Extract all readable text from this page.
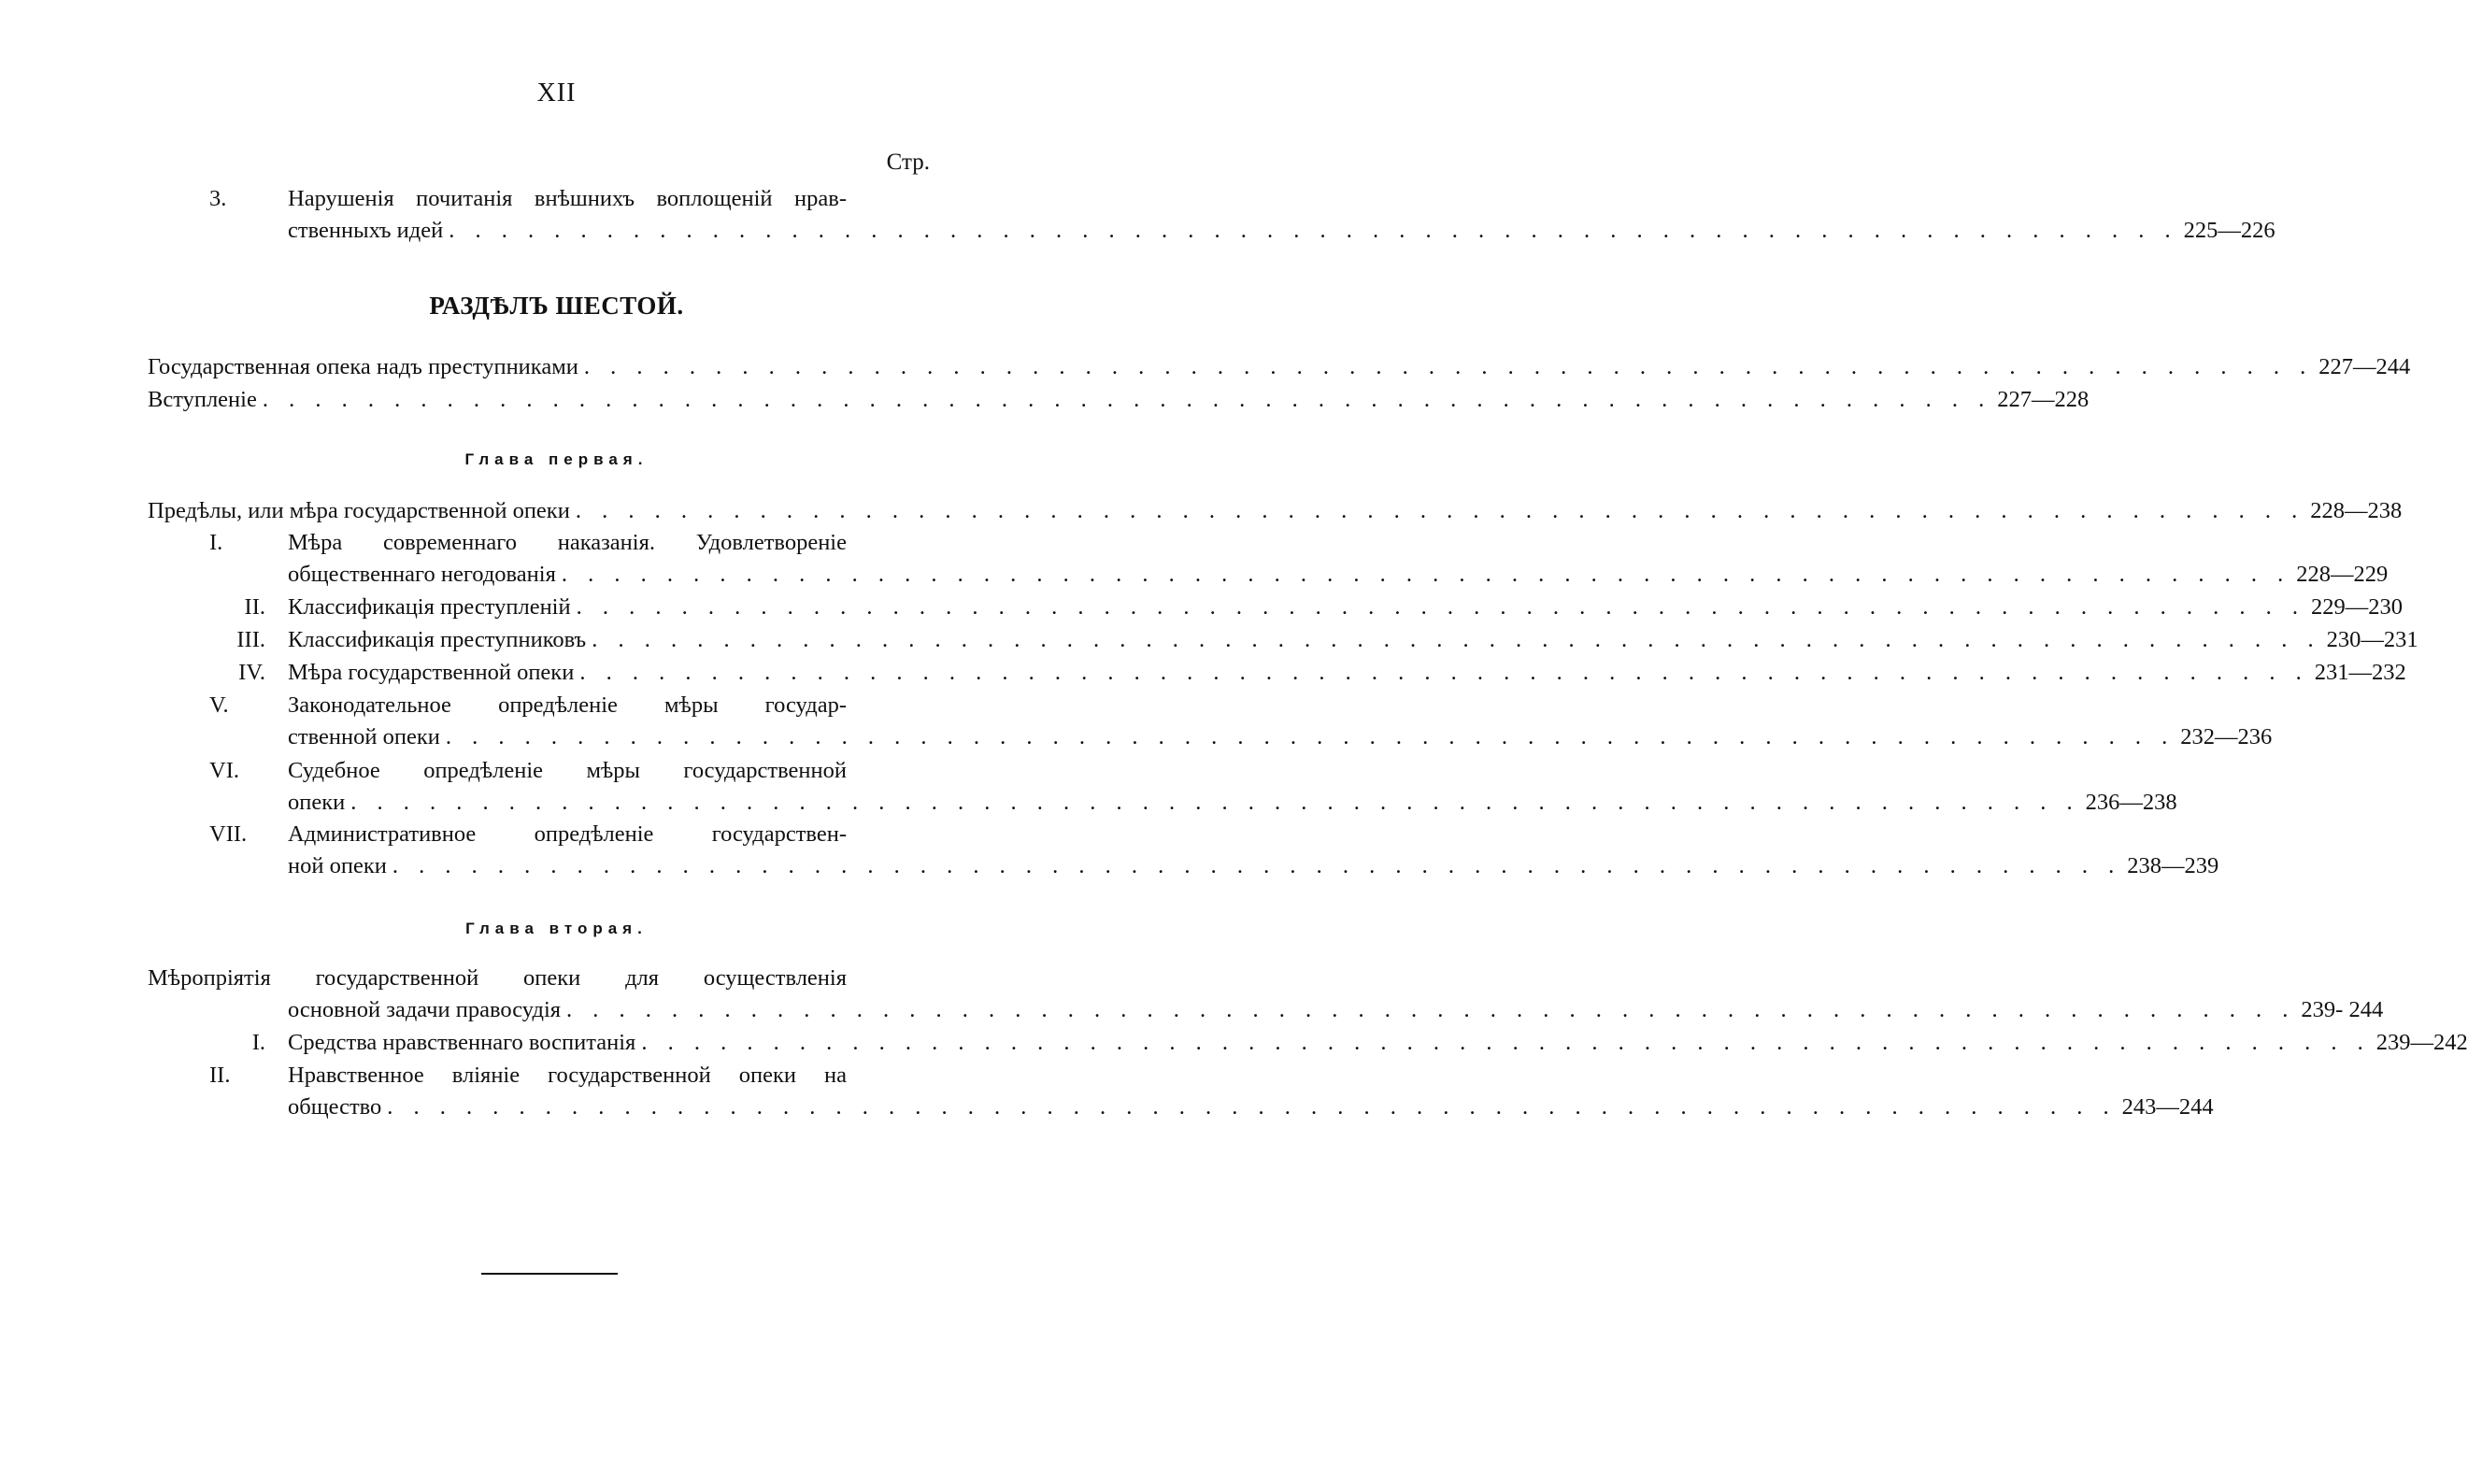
XII
Стр.
3.	Нарушенія почитанія внѣшнихъ воплощеній нрав-
ственныхъ идей . . . . . . . . . . . . . . . . . . . . . . . . . . . . . . . . . . . . . . . . . . . . . . . . . . . . . . . . . . . . . . . . . . 225—226
РАЗДѢЛЪ ШЕСТОЙ.
Государственная опека надъ преступниками . . . . . . . . . . . . . . . . . . . . . . . . . . . . . . . . . . . . . . . . . . . . . . . . . . . . . . . . . . . . . . . . . . 227—244
Вступленіе . . . . . . . . . . . . . . . . . . . . . . . . . . . . . . . . . . . . . . . . . . . . . . . . . . . . . . . . . . . . . . . . . . 227—228
Глава первая.
Предѣлы, или мѣра государственной опеки . . . . . . . . . . . . . . . . . . . . . . . . . . . . . . . . . . . . . . . . . . . . . . . . . . . . . . . . . . . . . . . . . . 228—238
I.	Мѣра современнаго наказанія. Удовлетвореніе
общественнаго негодованія . . . . . . . . . . . . . . . . . . . . . . . . . . . . . . . . . . . . . . . . . . . . . . . . . . . . . . . . . . . . . . . . . . 228—229
II. Классификація преступленій . . . . . . . . . . . . . . . . . . . . . . . . . . . . . . . . . . . . . . . . . . . . . . . . . . . . . . . . . . . . . . . . . . 229—230
III. Классификація преступниковъ . . . . . . . . . . . . . . . . . . . . . . . . . . . . . . . . . . . . . . . . . . . . . . . . . . . . . . . . . . . . . . . . . . 230—231
IV. Мѣра государственной опеки . . . . . . . . . . . . . . . . . . . . . . . . . . . . . . . . . . . . . . . . . . . . . . . . . . . . . . . . . . . . . . . . . . 231—232
V.	Законодательное опредѣленіе мѣры государ-
ственной опеки . . . . . . . . . . . . . . . . . . . . . . . . . . . . . . . . . . . . . . . . . . . . . . . . . . . . . . . . . . . . . . . . . . 232—236
VI.	Судебное опредѣленіе мѣры государственной
опеки . . . . . . . . . . . . . . . . . . . . . . . . . . . . . . . . . . . . . . . . . . . . . . . . . . . . . . . . . . . . . . . . . . 236—238
VII.	Административное опредѣленіе государствен-
ной опеки . . . . . . . . . . . . . . . . . . . . . . . . . . . . . . . . . . . . . . . . . . . . . . . . . . . . . . . . . . . . . . . . . . 238—239
Глава вторая.
Мѣропріятія государственной опеки для осуществленія
основной задачи правосудія . . . . . . . . . . . . . . . . . . . . . . . . . . . . . . . . . . . . . . . . . . . . . . . . . . . . . . . . . . . . . . . . . . 239- 244
I. Средства нравственнаго воспитанія . . . . . . . . . . . . . . . . . . . . . . . . . . . . . . . . . . . . . . . . . . . . . . . . . . . . . . . . . . . . . . . . . . 239—242
II.	Нравственное вліяніе государственной опеки на
общество . . . . . . . . . . . . . . . . . . . . . . . . . . . . . . . . . . . . . . . . . . . . . . . . . . . . . . . . . . . . . . . . . . 243—244
